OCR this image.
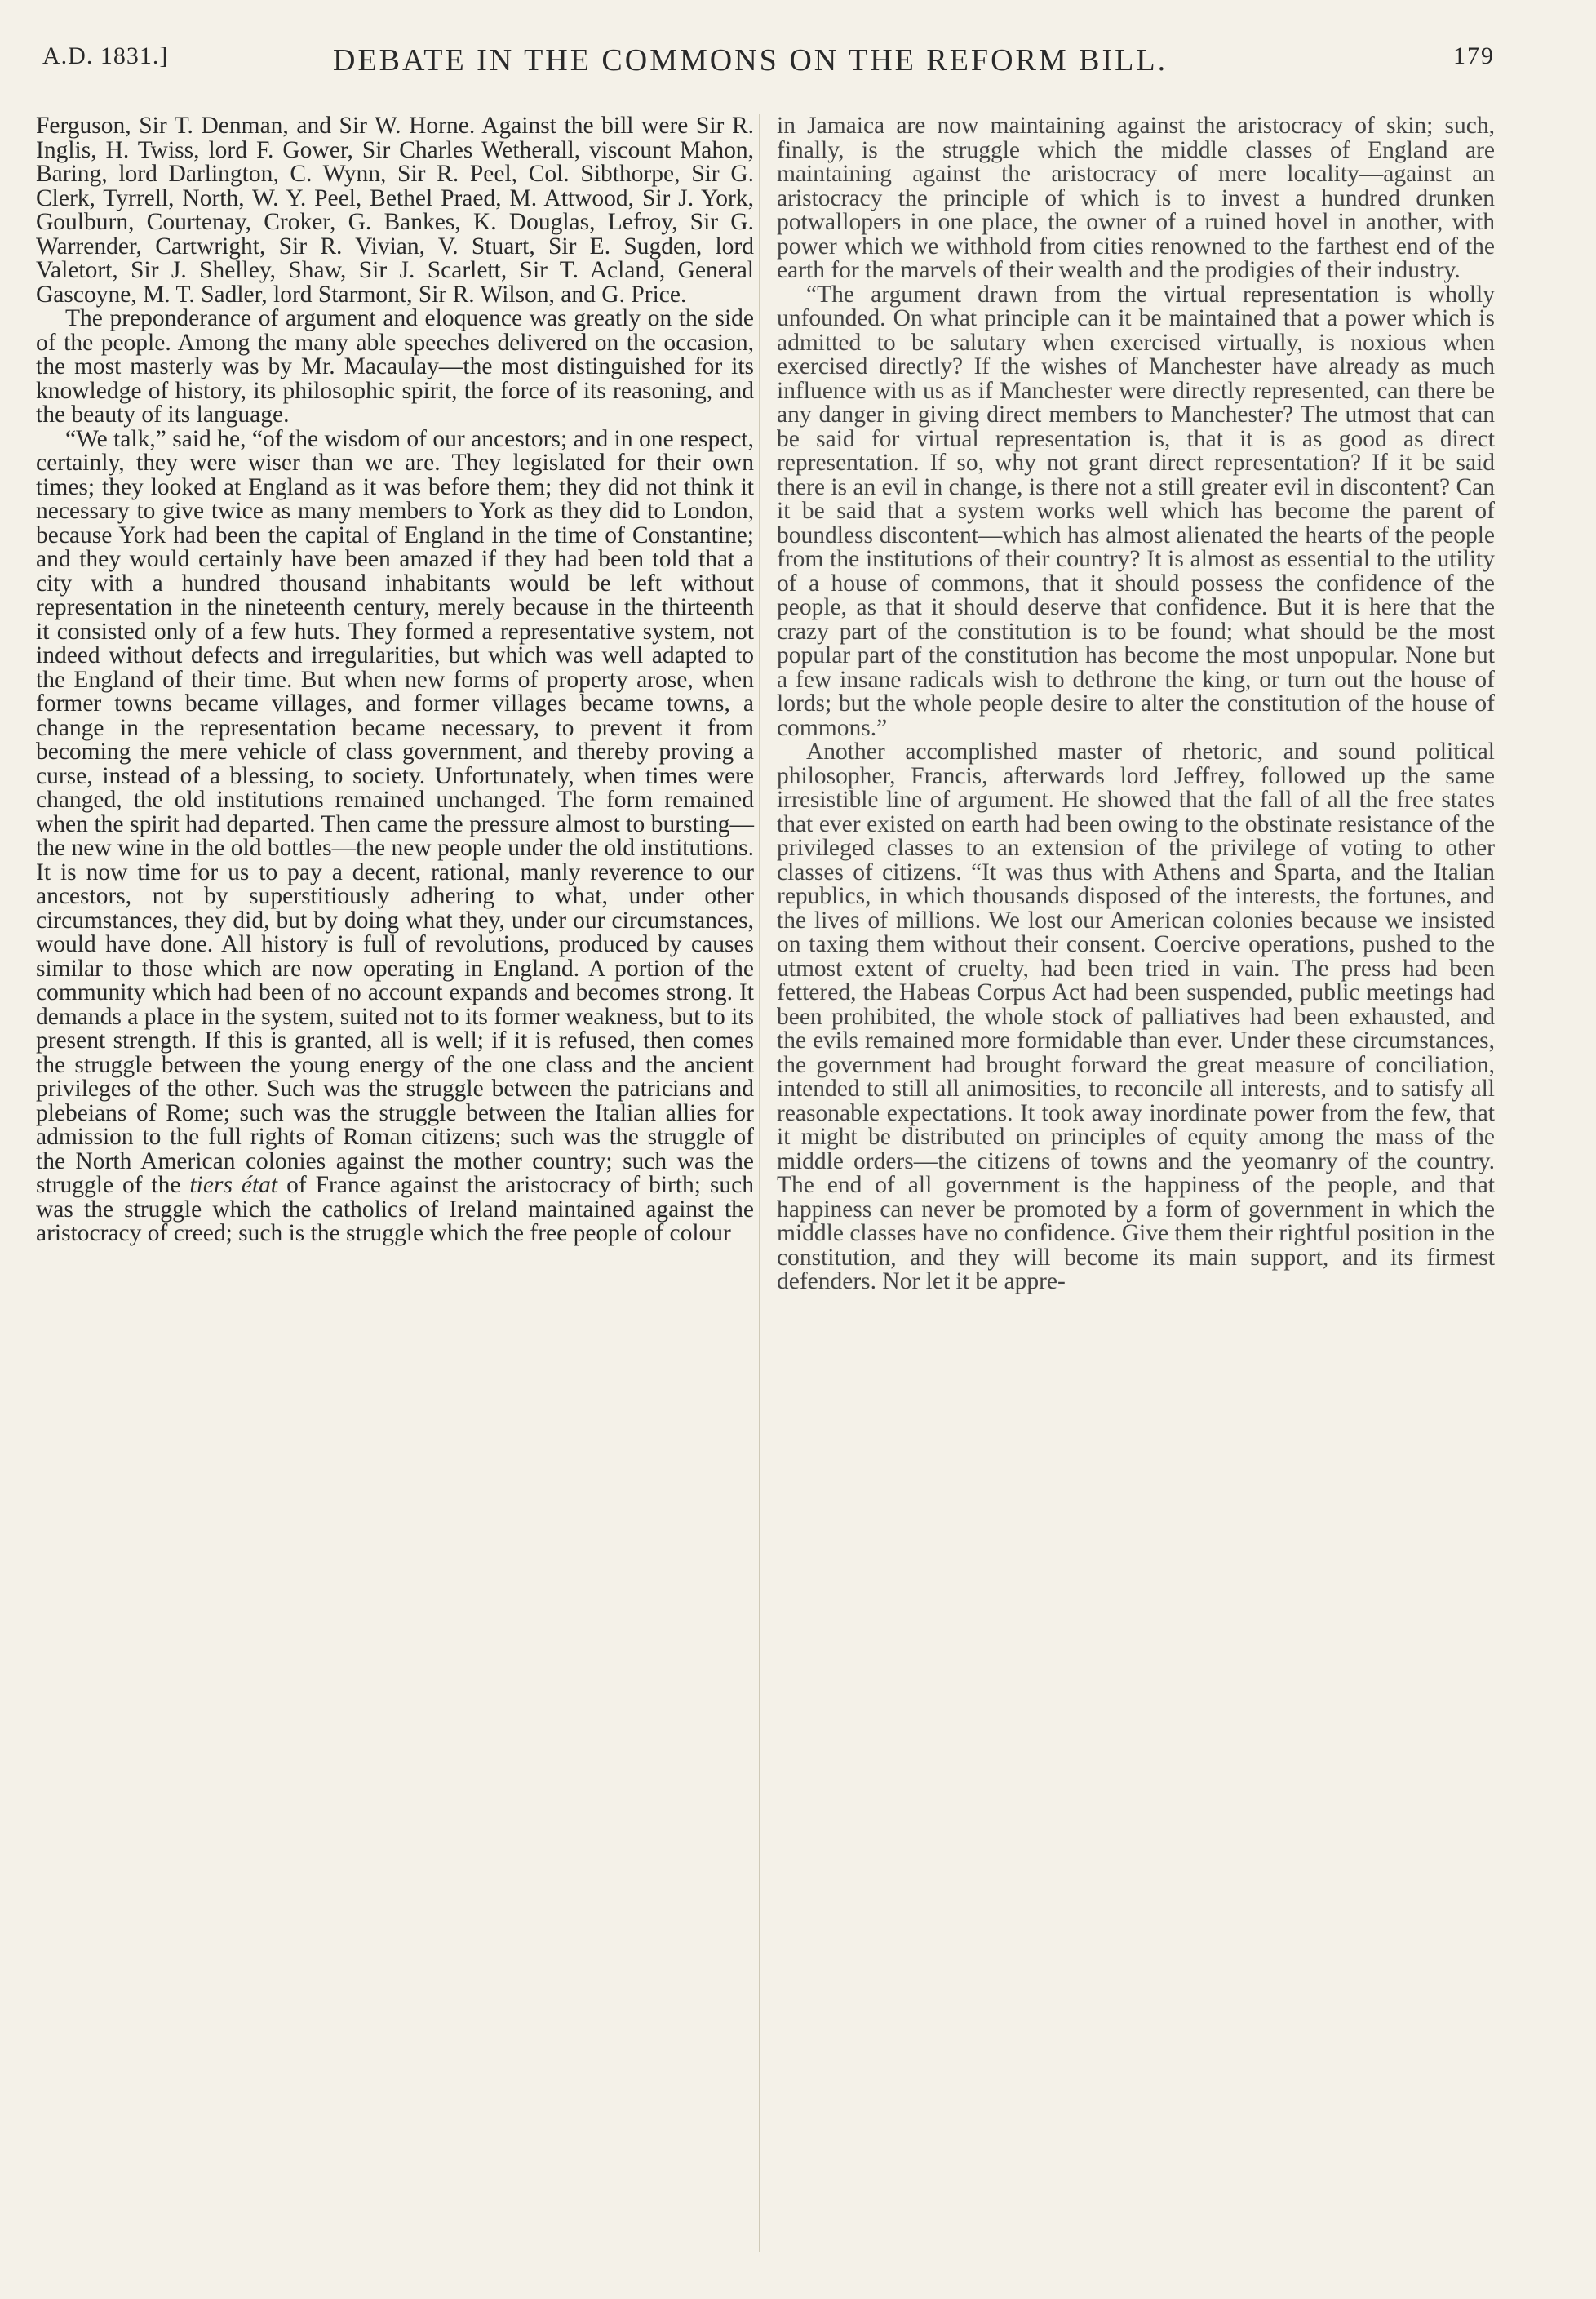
A.D. 1831.]	DEBATE IN THE COMMONS ON THE REFORM BILL.	179

Ferguson, Sir T. Denman, and Sir W. Horne. Against the bill were Sir R. Inglis, H. Twiss, lord F. Gower, Sir Charles Wetherall, viscount Mahon, Baring, lord Darlington, C. Wynn, Sir R. Peel, Col. Sibthorpe, Sir G. Clerk, Tyrrell, North, W. Y. Peel, Bethel Praed, M. Attwood, Sir J. York, Goulburn, Courtenay, Croker, G. Bankes, K. Douglas, Lefroy, Sir G. Warrender, Cartwright, Sir R. Vivian, V. Stuart, Sir E. Sugden, lord Valetort, Sir J. Shelley, Shaw, Sir J. Scarlett, Sir T. Acland, General Gascoyne, M. T. Sadler, lord Starmont, Sir R. Wilson, and G. Price.

The preponderance of argument and eloquence was greatly on the side of the people. Among the many able speeches delivered on the occasion, the most masterly was by Mr. Macaulay—the most distinguished for its knowledge of history, its philosophic spirit, the force of its reasoning, and the beauty of its language.

“We talk,” said he, “of the wisdom of our ancestors; and in one respect, certainly, they were wiser than we are. They legislated for their own times; they looked at England as it was before them; they did not think it necessary to give twice as many members to York as they did to London, because York had been the capital of England in the time of Constantine; and they would certainly have been amazed if they had been told that a city with a hundred thousand inhabitants would be left without representation in the nineteenth century, merely because in the thirteenth it consisted only of a few huts. They formed a representative system, not indeed without defects and irregularities, but which was well adapted to the England of their time. But when new forms of property arose, when former towns became villages, and former villages became towns, a change in the representation became necessary, to prevent it from becoming the mere vehicle of class government, and thereby proving a curse, instead of a blessing, to society. Unfortunately, when times were changed, the old institutions remained unchanged. The form remained when the spirit had departed. Then came the pressure almost to bursting—the new wine in the old bottles—the new people under the old institutions. It is now time for us to pay a decent, rational, manly reverence to our ancestors, not by superstitiously adhering to what, under other circumstances, they did, but by doing what they, under our circumstances, would have done. All history is full of revolutions, produced by causes similar to those which are now operating in England. A portion of the community which had been of no account expands and becomes strong. It demands a place in the system, suited not to its former weakness, but to its present strength. If this is granted, all is well; if it is refused, then comes the struggle between the young energy of the one class and the ancient privileges of the other. Such was the struggle between the patricians and plebeians of Rome; such was the struggle between the Italian allies for admission to the full rights of Roman citizens; such was the struggle of the North American colonies against the mother country; such was the struggle of the tiers état of France against the aristocracy of birth; such was the struggle which the catholics of Ireland maintained against the aristocracy of creed; such is the struggle which the free people of colour

in Jamaica are now maintaining against the aristocracy of skin; such, finally, is the struggle which the middle classes of England are maintaining against the aristocracy of mere locality—against an aristocracy the principle of which is to invest a hundred drunken potwallopers in one place, the owner of a ruined hovel in another, with power which we withhold from cities renowned to the farthest end of the earth for the marvels of their wealth and the prodigies of their industry.

“The argument drawn from the virtual representation is wholly unfounded. On what principle can it be maintained that a power which is admitted to be salutary when exercised virtually, is noxious when exercised directly? If the wishes of Manchester have already as much influence with us as if Manchester were directly represented, can there be any danger in giving direct members to Manchester? The utmost that can be said for virtual representation is, that it is as good as direct representation. If so, why not grant direct representation? If it be said there is an evil in change, is there not a still greater evil in discontent? Can it be said that a system works well which has become the parent of boundless discontent—which has almost alienated the hearts of the people from the institutions of their country? It is almost as essential to the utility of a house of commons, that it should possess the confidence of the people, as that it should deserve that confidence. But it is here that the crazy part of the constitution is to be found; what should be the most popular part of the constitution has become the most unpopular. None but a few insane radicals wish to dethrone the king, or turn out the house of lords; but the whole people desire to alter the constitution of the house of commons.”

Another accomplished master of rhetoric, and sound political philosopher, Francis, afterwards lord Jeffrey, followed up the same irresistible line of argument. He showed that the fall of all the free states that ever existed on earth had been owing to the obstinate resistance of the privileged classes to an extension of the privilege of voting to other classes of citizens. “It was thus with Athens and Sparta, and the Italian republics, in which thousands disposed of the interests, the fortunes, and the lives of millions. We lost our American colonies because we insisted on taxing them without their consent. Coercive operations, pushed to the utmost extent of cruelty, had been tried in vain. The press had been fettered, the Habeas Corpus Act had been suspended, public meetings had been prohibited, the whole stock of palliatives had been exhausted, and the evils remained more formidable than ever. Under these circumstances, the government had brought forward the great measure of conciliation, intended to still all animosities, to reconcile all interests, and to satisfy all reasonable expectations. It took away inordinate power from the few, that it might be distributed on principles of equity among the mass of the middle orders—the citizens of towns and the yeomanry of the country. The end of all government is the happiness of the people, and that happiness can never be promoted by a form of government in which the middle classes have no confidence. Give them their rightful position in the constitution, and they will become its main support, and its firmest defenders. Nor let it be appre-
